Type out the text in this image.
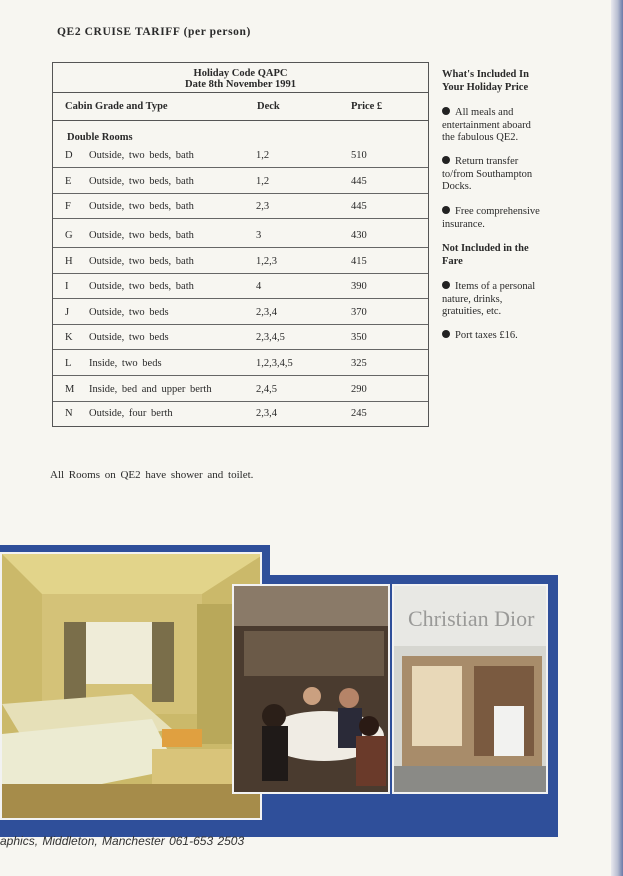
QE2 CRUISE TARIFF (per person)
Holiday Code QAPC
Date 8th November 1991
Cabin Grade and Type	Deck	Price £
Double Rooms
D Outside, two beds, bath	1,2	510
E Outside, two beds, bath	1,2	445
F Outside, two beds, bath	2,3	445
G Outside, two beds, bath	3	430
H Outside, two beds, bath	1,2,3	415
I Outside, two beds, bath	4	390
J Outside, two beds	2,3,4	370
K Outside, two beds	2,3,4,5	350
L Inside, two beds	1,2,3,4,5	325
M Inside, bed and upper berth	2,4,5	290
N Outside, four berth	2,3,4	245
What's Included In
Your Holiday Price
All meals and
entertainment aboard
the fabulous QE2.
Return transfer
to/from Southampton
Docks.
Free comprehensive
insurance.
Not Included in the
Fare
Items of a personal
nature, drinks,
gratuities, etc.
Port taxes £16.
All Rooms on QE2 have shower and toilet.
Christian Dior
aphics, Middleton, Manchester 061-653 2503
